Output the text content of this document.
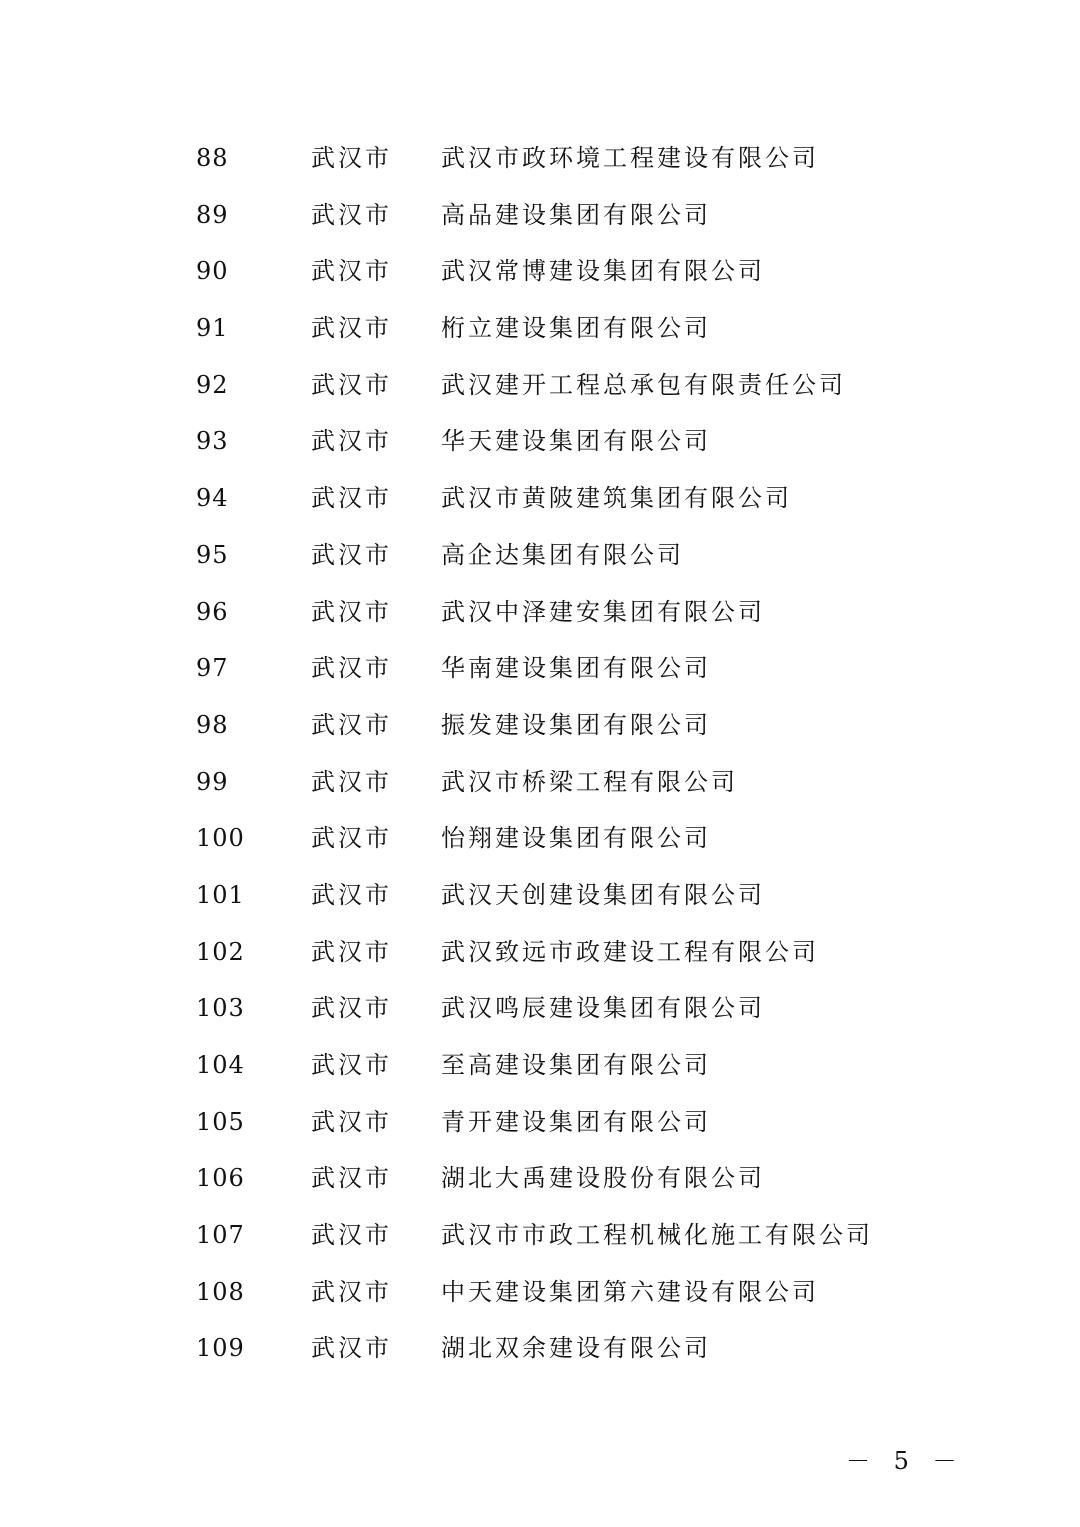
88	武汉市 武汉市政环境工程建设有限公司
89	武汉市 高品建设集团有限公司
90	武汉市 武汉常博建设集团有限公司
91	武汉市 桁立建设集团有限公司
92	武汉市 武汉建开工程总承包有限责任公司
93	武汉市 华天建设集团有限公司
94	武汉市 武汉市黄陂建筑集团有限公司
95	武汉市 高企达集团有限公司
96	武汉市 武汉中泽建安集团有限公司
97	武汉市 华南建设集团有限公司
98	武汉市 振发建设集团有限公司
99	武汉市 武汉市桥梁工程有限公司
100	武汉市 怡翔建设集团有限公司
101	武汉市 武汉天创建设集团有限公司
102	武汉市 武汉致远市政建设工程有限公司
103	武汉市 武汉鸣辰建设集团有限公司
104	武汉市 至高建设集团有限公司
105	武汉市 青开建设集团有限公司
106	武汉市 湖北大禹建设股份有限公司
107	武汉市 武汉市市政工程机械化施工有限公司
108	武汉市 中天建设集团第六建设有限公司
109	武汉市 湖北双余建设有限公司
－ 5 －
